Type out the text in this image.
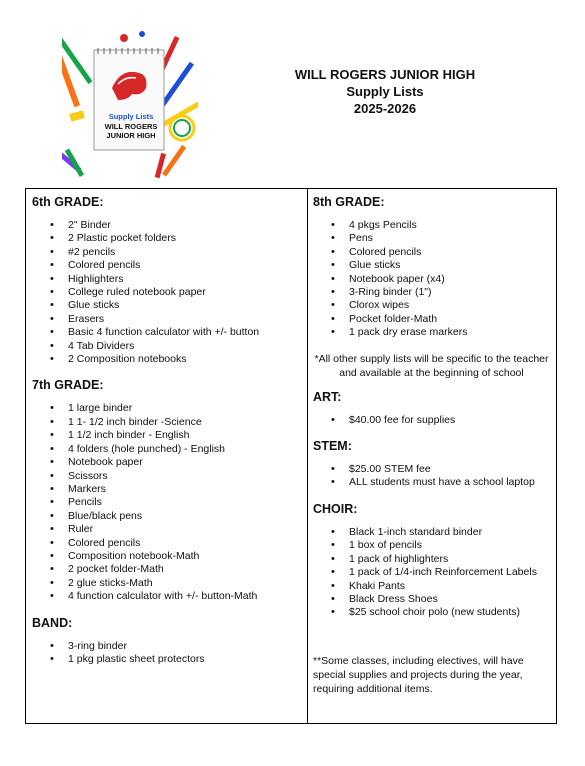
Supply Lists
WILL ROGERS
JUNIOR HIGH
WILL ROGERS JUNIOR HIGH
Supply Lists
2025-2026
6th GRADE:
• 2" Binder
• 2 Plastic pocket folders
• #2 pencils
• Colored pencils
• Highlighters
• College ruled notebook paper
• Glue sticks
• Erasers
• Basic 4 function calculator with +/- button
• 4 Tab Dividers
• 2 Composition notebooks
7th GRADE:
• 1 large binder
• 1 1- 1/2 inch binder -Science
• 1 1/2 inch binder - English
• 4 folders (hole punched) - English
• Notebook paper
• Scissors
• Markers
• Pencils
• Blue/black pens
• Ruler
• Colored pencils
• Composition notebook-Math
• 2 pocket folder-Math
• 2 glue sticks-Math
• 4 function calculator with +/- button-Math
BAND:
• 3-ring binder
• 1 pkg plastic sheet protectors
8th GRADE:
• 4 pkgs Pencils
• Pens
• Colored pencils
• Glue sticks
• Notebook paper (x4)
• 3-Ring binder (1")
• Clorox wipes
• Pocket folder-Math
• 1 pack dry erase markers
*All other supply lists will be specific to the teacher and available at the beginning of school
ART:
• $40.00 fee for supplies
STEM:
• $25.00 STEM fee
• ALL students must have a school laptop
CHOIR:
• Black 1-inch standard binder
• 1 box of pencils
• 1 pack of highlighters
• 1 pack of 1/4-inch Reinforcement Labels
• Khaki Pants
• Black Dress Shoes
• $25 school choir polo (new students)
**Some classes, including electives, will have special supplies and projects during the year, requiring additional items.
